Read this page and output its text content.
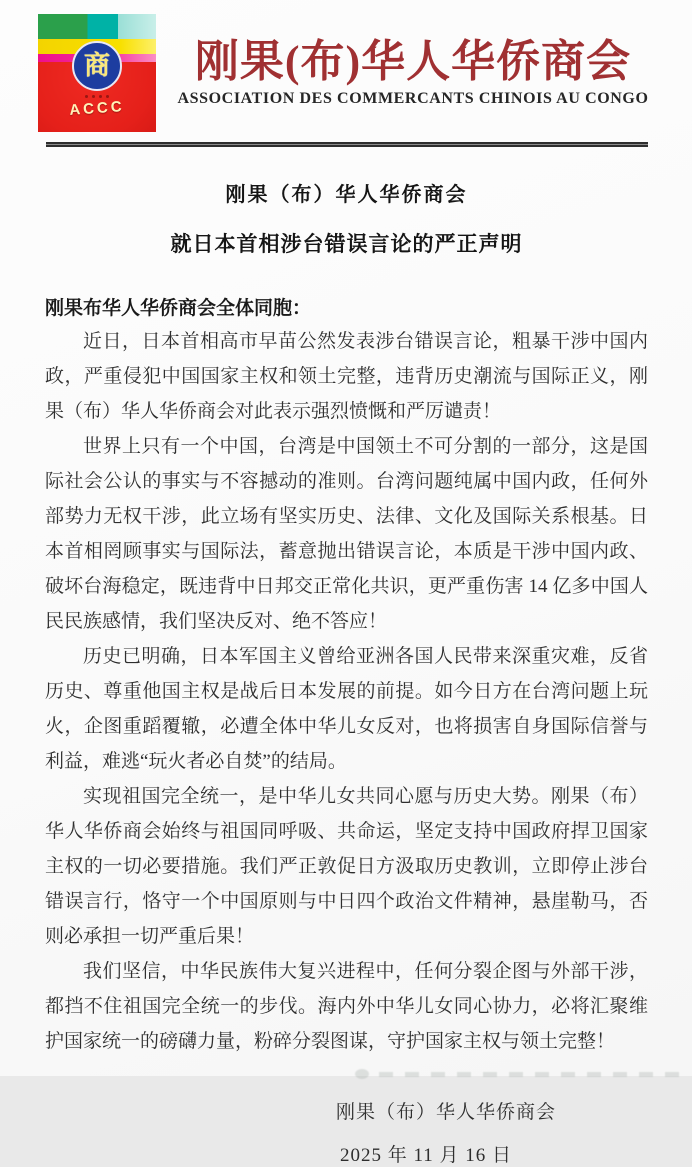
商
ACCC
刚果(布)华人华侨商会
ASSOCIATION DES COMMERCANTS CHINOIS AU CONGO
刚果（布）华人华侨商会
就日本首相涉台错误言论的严正声明

刚果布华人华侨商会全体同胞：

近日，日本首相高市早苗公然发表涉台错误言论，粗暴干涉中国内政，严重侵犯中国国家主权和领土完整，违背历史潮流与国际正义，刚果（布）华人华侨商会对此表示强烈愤慨和严厉谴责！

世界上只有一个中国，台湾是中国领土不可分割的一部分，这是国际社会公认的事实与不容撼动的准则。台湾问题纯属中国内政，任何外部势力无权干涉，此立场有坚实历史、法律、文化及国际关系根基。日本首相罔顾事实与国际法，蓄意抛出错误言论，本质是干涉中国内政、破坏台海稳定，既违背中日邦交正常化共识，更严重伤害 14 亿多中国人民民族感情，我们坚决反对、绝不答应！

历史已明确，日本军国主义曾给亚洲各国人民带来深重灾难，反省历史、尊重他国主权是战后日本发展的前提。如今日方在台湾问题上玩火，企图重蹈覆辙，必遭全体中华儿女反对，也将损害自身国际信誉与利益，难逃“玩火者必自焚”的结局。

实现祖国完全统一，是中华儿女共同心愿与历史大势。刚果（布）华人华侨商会始终与祖国同呼吸、共命运，坚定支持中国政府捍卫国家主权的一切必要措施。我们严正敦促日方汲取历史教训，立即停止涉台错误言行，恪守一个中国原则与中日四个政治文件精神，悬崖勒马，否则必承担一切严重后果！

我们坚信，中华民族伟大复兴进程中，任何分裂企图与外部干涉，都挡不住祖国完全统一的步伐。海内外中华儿女同心协力，必将汇聚维护国家统一的磅礴力量，粉碎分裂图谋，守护国家主权与领土完整！

刚果（布）华人华侨商会
2025 年 11 月 16 日
